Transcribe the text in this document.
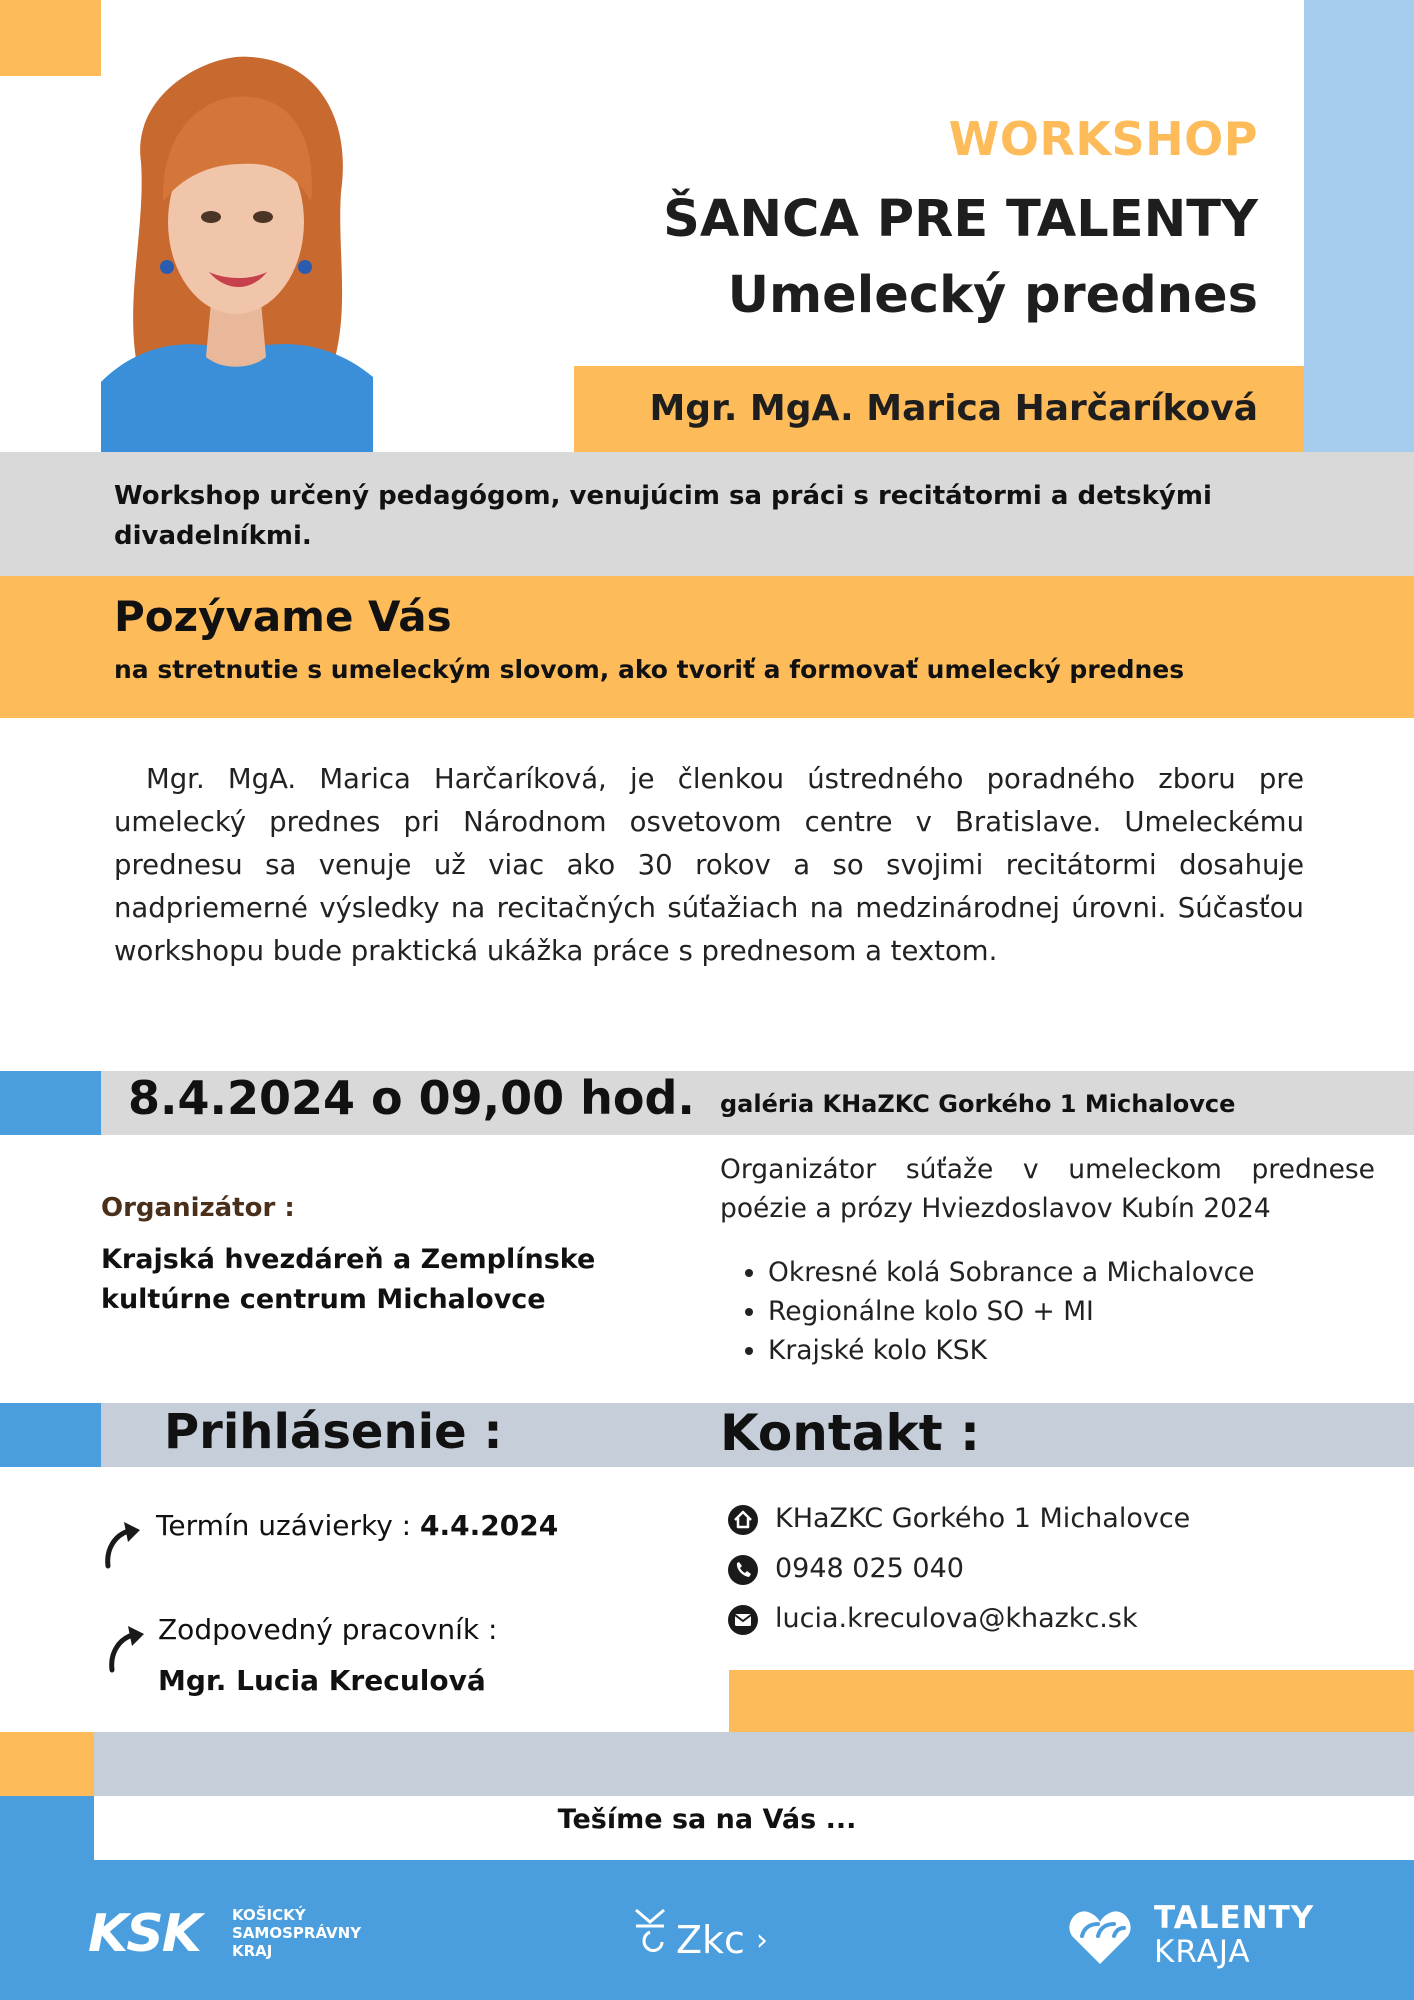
WORKSHOP
ŠANCA PRE TALENTY
Umelecký prednes
Mgr. MgA. Marica Harčaríková
Workshop určený pedagógom, venujúcim sa práci s recitátormi a detskými divadelníkmi.
Pozývame Vás
na stretnutie s umeleckým slovom, ako tvoriť a formovať umelecký prednes

Mgr. MgA. Marica Harčaríková, je členkou ústredného poradného zboru pre umelecký prednes pri Národnom osvetovom centre v Bratislave. Umeleckému prednesu sa venuje už viac ako 30 rokov a so svojimi recitátormi dosahuje nadpriemerné výsledky na recitačných súťažiach na medzinárodnej úrovni. Súčasťou workshopu bude praktická ukážka práce s prednesom a textom.

8.4.2024 o 09,00 hod. galéria KHaZKC Gorkého 1 Michalovce
Organizátor :
Krajská hvezdáreň a Zemplínske kultúrne centrum Michalovce

Organizátor súťaže v umeleckom prednese poézie a prózy Hviezdoslavov Kubín 2024

• Okresné kolá Sobrance a Michalovce
• Regionálne kolo SO + MI
• Krajské kolo KSK
Prihlásenie :	Kontakt :
Termín uzávierky : 4.4.2024
Zodpovedný pracovník :
Mgr. Lucia Kreculová
KHaZKC Gorkého 1 Michalovce
0948 025 040
lucia.kreculova@khazkc.sk
Tešíme sa na Vás ...
KSK KOŠICKÝ
SAMOSPRÁVNY
KRAJ	Zkc ›
TALENTY
KRAJA
